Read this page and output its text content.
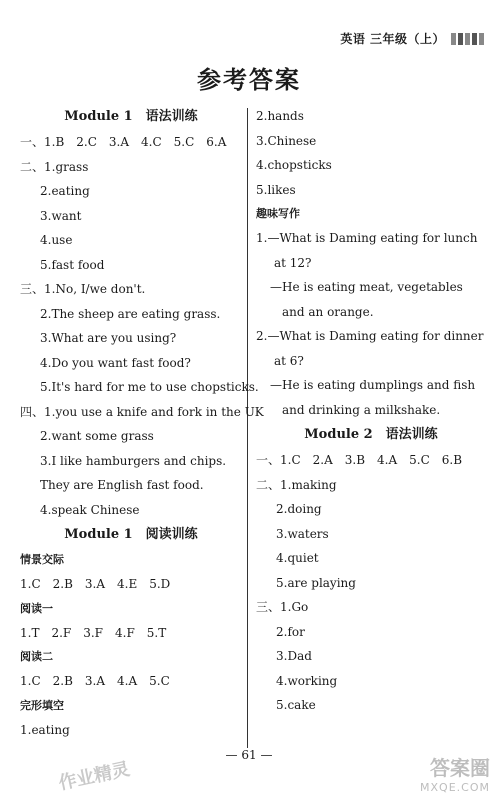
英语 三年级（上）
参考答案
Module 1　语法训练
一、1.B　2.C　3.A　4.C　5.C　6.A
二、1.grass
2.eating
3.want
4.use
5.fast food
三、1.No, I/we don't.
2.The sheep are eating grass.
3.What are you using?
4.Do you want fast food?
5.It's hard for me to use chopsticks.
四、1.you use a knife and fork in the UK
2.want some grass
3.I like hamburgers and chips. They are English fast food.
4.speak Chinese
Module 1　阅读训练
情景交际
1.C　2.B　3.A　4.E　5.D
阅读一
1.T　2.F　3.F　4.F　5.T
阅读二
1.C　2.B　3.A　4.A　5.C
完形填空
1.eating
2.hands
3.Chinese
4.chopsticks
5.likes
趣味写作
1.—What is Daming eating for lunch at 12?
—He is eating meat, vegetables and an orange.
2.—What is Daming eating for dinner at 6?
—He is eating dumplings and fish and drinking a milkshake.
Module 2　语法训练
一、1.C　2.A　3.B　4.A　5.C　6.B
二、1.making
2.doing
3.waters
4.quiet
5.are playing
三、1.Go
2.for
3.Dad
4.working
5.cake
— 61 —
作业精灵	答案圈
MXQE.COM
